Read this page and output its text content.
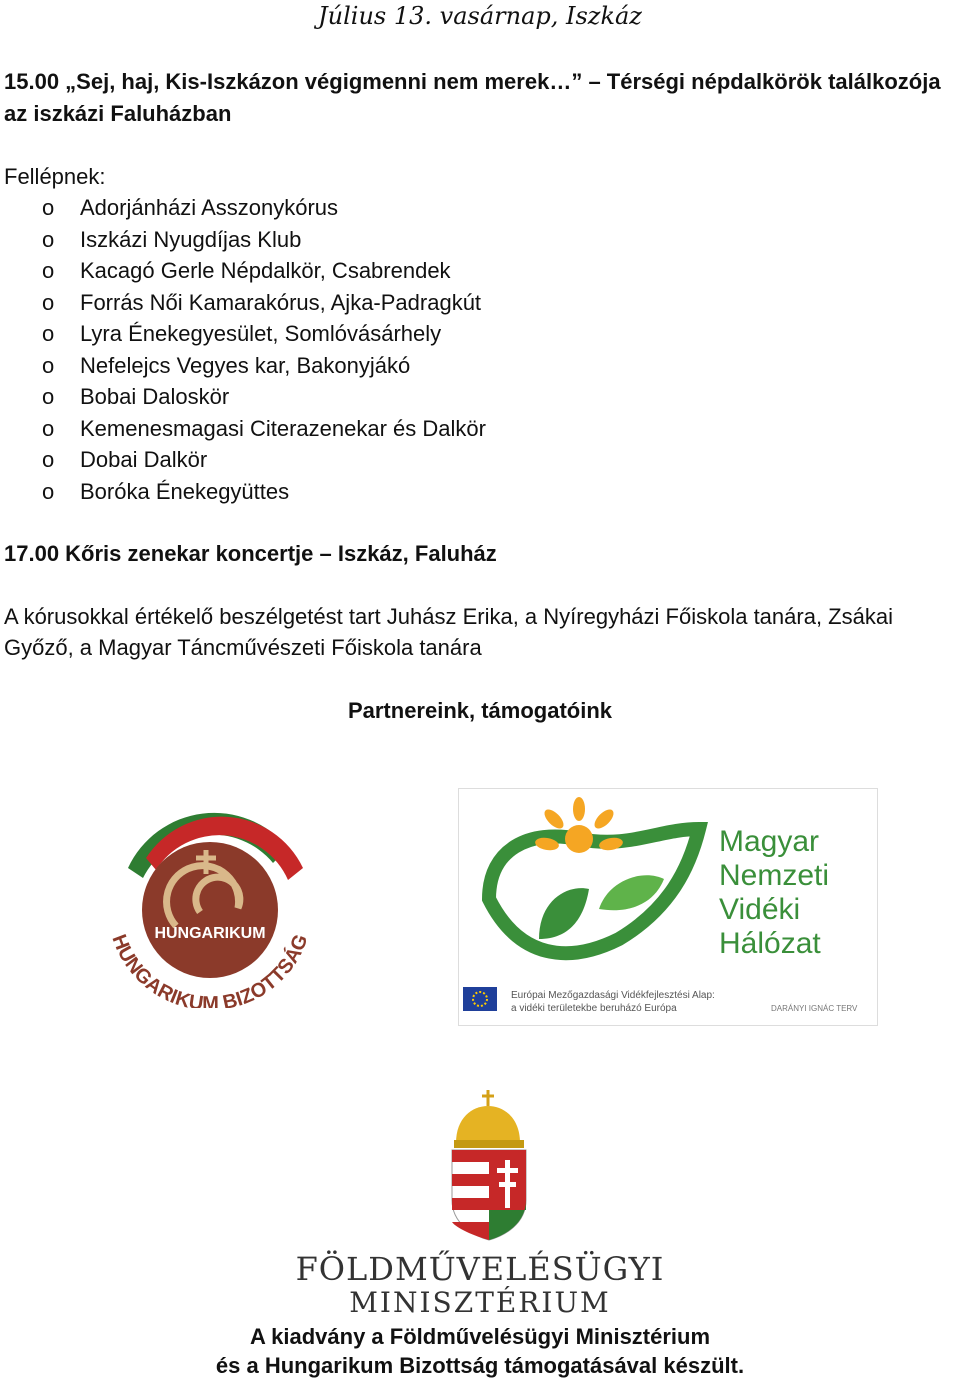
Július 13. vasárnap, Iszkáz
15.00 „Sej, haj, Kis-Iszkázon végigmenni nem merek…” – Térségi népdalkörök találkozója
az iszkázi Faluházban
Fellépnek:
o Adorjánházi Asszonykórus
o Iszkázi Nyugdíjas Klub
o Kacagó Gerle Népdalkör, Csabrendek
o Forrás Női Kamarakórus, Ajka-Padragkút
o Lyra Énekegyesület, Somlóvásárhely
o Nefelejcs Vegyes kar, Bakonyjákó
o Bobai Daloskör
o Kemenesmagasi Citerazenekar és Dalkör
o Dobai Dalkör
o Boróka Énekegyüttes
17.00 Kőris zenekar koncertje – Iszkáz, Faluház
A kórusokkal értékelő beszélgetést tart Juhász Erika, a Nyíregyházi Főiskola tanára, Zsákai
Győző, a Magyar Táncművészeti Főiskola tanára
Partnereink, támogatóink
HUNGARIKUM
HUNGARIKUM BIZOTTSÁG
Magyar
Nemzeti
Vidéki
Hálózat
Európai Mezőgazdasági Vidékfejlesztési Alap:
a vidéki területekbe beruházó Európa	DARÁNYI IGNÁC TERV
FÖLDMŰVELÉSÜGYI
MINISZTÉRIUM
A kiadvány a Földművelésügyi Minisztérium
és a Hungarikum Bizottság támogatásával készült.
